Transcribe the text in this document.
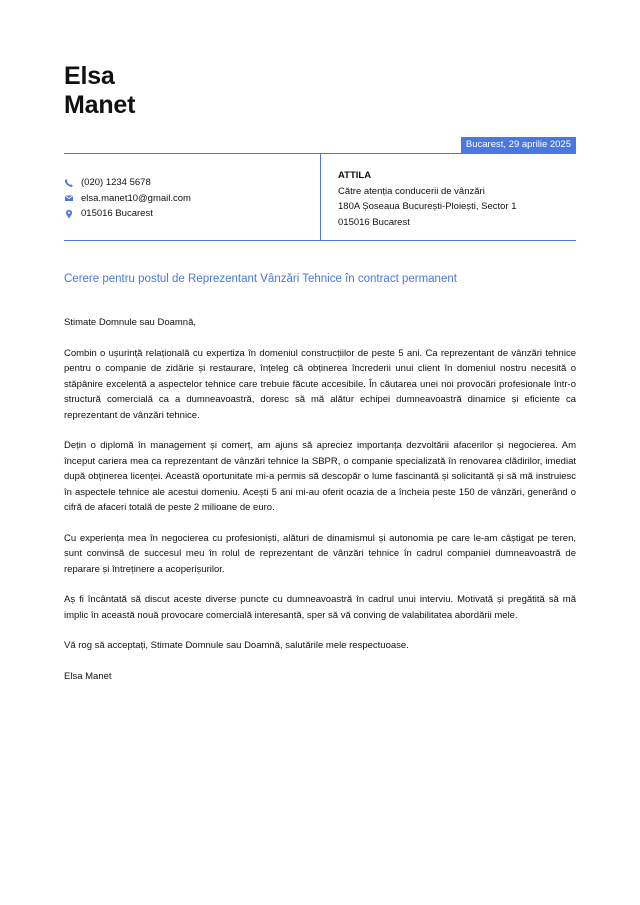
Elsa
Manet
Bucarest, 29 aprilie 2025
(020) 1234 5678
elsa.manet10@gmail.com
015016 Bucarest
ATTILA
Către atenția conducerii de vânzări
180A Șoseaua București-Ploiești, Sector 1
015016 Bucarest
Cerere pentru postul de Reprezentant Vânzări Tehnice în contract permanent

Stimate Domnule sau Doamnă,

Combin o ușurință relațională cu expertiza în domeniul construcțiilor de peste 5 ani. Ca reprezentant de vânzări tehnice pentru o companie de zidărie și restaurare, înțeleg că obținerea încrederii unui client în domeniul nostru necesită o stăpânire excelentă a aspectelor tehnice care trebuie făcute accesibile. În căutarea unei noi provocări profesionale într-o structură comercială ca a dumneavoastră, doresc să mă alătur echipei dumneavoastră dinamice și eficiente ca reprezentant de vânzări tehnice.

Dețin o diplomă în management și comerț, am ajuns să apreciez importanța dezvoltării afacerilor și negocierea. Am început cariera mea ca reprezentant de vânzări tehnice la SBPR, o companie specializată în renovarea clădirilor, imediat după obținerea licenței. Această oportunitate mi-a permis să descopăr o lume fascinantă și solicitantă și să mă instruiesc în aspectele tehnice ale acestui domeniu. Acești 5 ani mi-au oferit ocazia de a încheia peste 150 de vânzări, generând o cifră de afaceri totală de peste 2 milioane de euro.

Cu experiența mea în negocierea cu profesioniști, alături de dinamismul și autonomia pe care le-am câștigat pe teren, sunt convinsă de succesul meu în rolul de reprezentant de vânzări tehnice în cadrul companiei dumneavoastră de reparare și întreținere a acoperișurilor.

Aș fi încântată să discut aceste diverse puncte cu dumneavoastră în cadrul unui interviu. Motivată și pregătită să mă implic în această nouă provocare comercială interesantă, sper să vă conving de valabilitatea abordării mele.

Vă rog să acceptați, Stimate Domnule sau Doamnă, salutările mele respectuoase.

Elsa Manet
